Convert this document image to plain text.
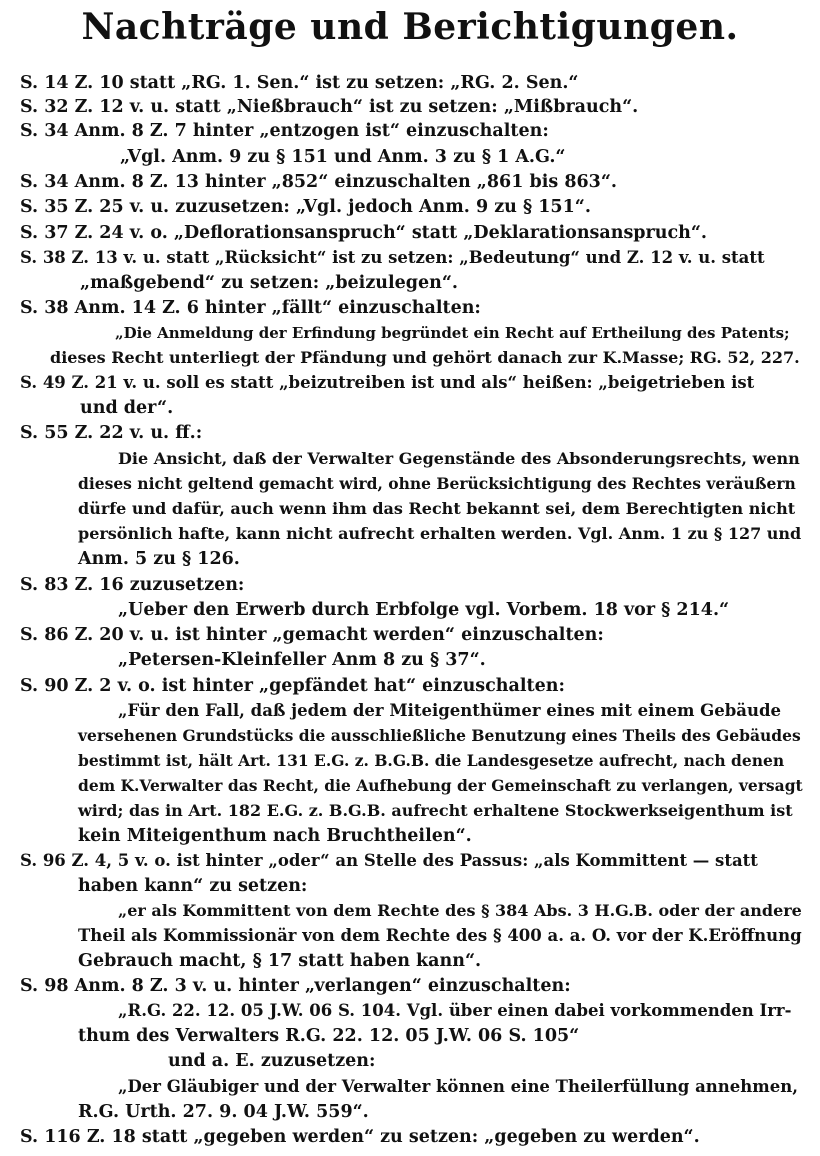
Nachträge und Berichtigungen.
S. 14 Z. 10 statt „RG. 1. Sen.“ ist zu setzen: „RG. 2. Sen.“
S. 32 Z. 12 v. u. statt „Nießbrauch“ ist zu setzen: „Mißbrauch“.
S. 34 Anm. 8 Z. 7 hinter „entzogen ist“ einzuschalten:
„Vgl. Anm. 9 zu § 151 und Anm. 3 zu § 1 A.G.“
S. 34 Anm. 8 Z. 13 hinter „852“ einzuschalten „861 bis 863“.
S. 35 Z. 25 v. u. zuzusetzen: „Vgl. jedoch Anm. 9 zu § 151“.
S. 37 Z. 24 v. o. „Deflorationsanspruch“ statt „Deklarationsanspruch“.
S. 38 Z. 13 v. u. statt „Rücksicht“ ist zu setzen: „Bedeutung“ und Z. 12 v. u. statt
„maßgebend“ zu setzen: „beizulegen“.
S. 38 Anm. 14 Z. 6 hinter „fällt“ einzuschalten:
„Die Anmeldung der Erfindung begründet ein Recht auf Ertheilung des Patents;
dieses Recht unterliegt der Pfändung und gehört danach zur K.Masse; RG. 52, 227.
S. 49 Z. 21 v. u. soll es statt „beizutreiben ist und als“ heißen: „beigetrieben ist
und der“.
S. 55 Z. 22 v. u. ff.:
Die Ansicht, daß der Verwalter Gegenstände des Absonderungsrechts, wenn
dieses nicht geltend gemacht wird, ohne Berücksichtigung des Rechtes veräußern
dürfe und dafür, auch wenn ihm das Recht bekannt sei, dem Berechtigten nicht
persönlich hafte, kann nicht aufrecht erhalten werden. Vgl. Anm. 1 zu § 127 und
Anm. 5 zu § 126.
S. 83 Z. 16 zuzusetzen:
„Ueber den Erwerb durch Erbfolge vgl. Vorbem. 18 vor § 214.“
S. 86 Z. 20 v. u. ist hinter „gemacht werden“ einzuschalten:
„Petersen-Kleinfeller Anm 8 zu § 37“.
S. 90 Z. 2 v. o. ist hinter „gepfändet hat“ einzuschalten:
„Für den Fall, daß jedem der Miteigenthümer eines mit einem Gebäude
versehenen Grundstücks die ausschließliche Benutzung eines Theils des Gebäudes
bestimmt ist, hält Art. 131 E.G. z. B.G.B. die Landesgesetze aufrecht, nach denen
dem K.Verwalter das Recht, die Aufhebung der Gemeinschaft zu verlangen, versagt
wird; das in Art. 182 E.G. z. B.G.B. aufrecht erhaltene Stockwerkseigenthum ist
kein Miteigenthum nach Bruchtheilen“.
S. 96 Z. 4, 5 v. o. ist hinter „oder“ an Stelle des Passus: „als Kommittent — statt
haben kann“ zu setzen:
„er als Kommittent von dem Rechte des § 384 Abs. 3 H.G.B. oder der andere
Theil als Kommissionär von dem Rechte des § 400 a. a. O. vor der K.Eröffnung
Gebrauch macht, § 17 statt haben kann“.
S. 98 Anm. 8 Z. 3 v. u. hinter „verlangen“ einzuschalten:
„R.G. 22. 12. 05 J.W. 06 S. 104. Vgl. über einen dabei vorkommenden Irr-
thum des Verwalters R.G. 22. 12. 05 J.W. 06 S. 105“
und a. E. zuzusetzen:
„Der Gläubiger und der Verwalter können eine Theilerfüllung annehmen,
R.G. Urth. 27. 9. 04 J.W. 559“.
S. 116 Z. 18 statt „gegeben werden“ zu setzen: „gegeben zu werden“.
